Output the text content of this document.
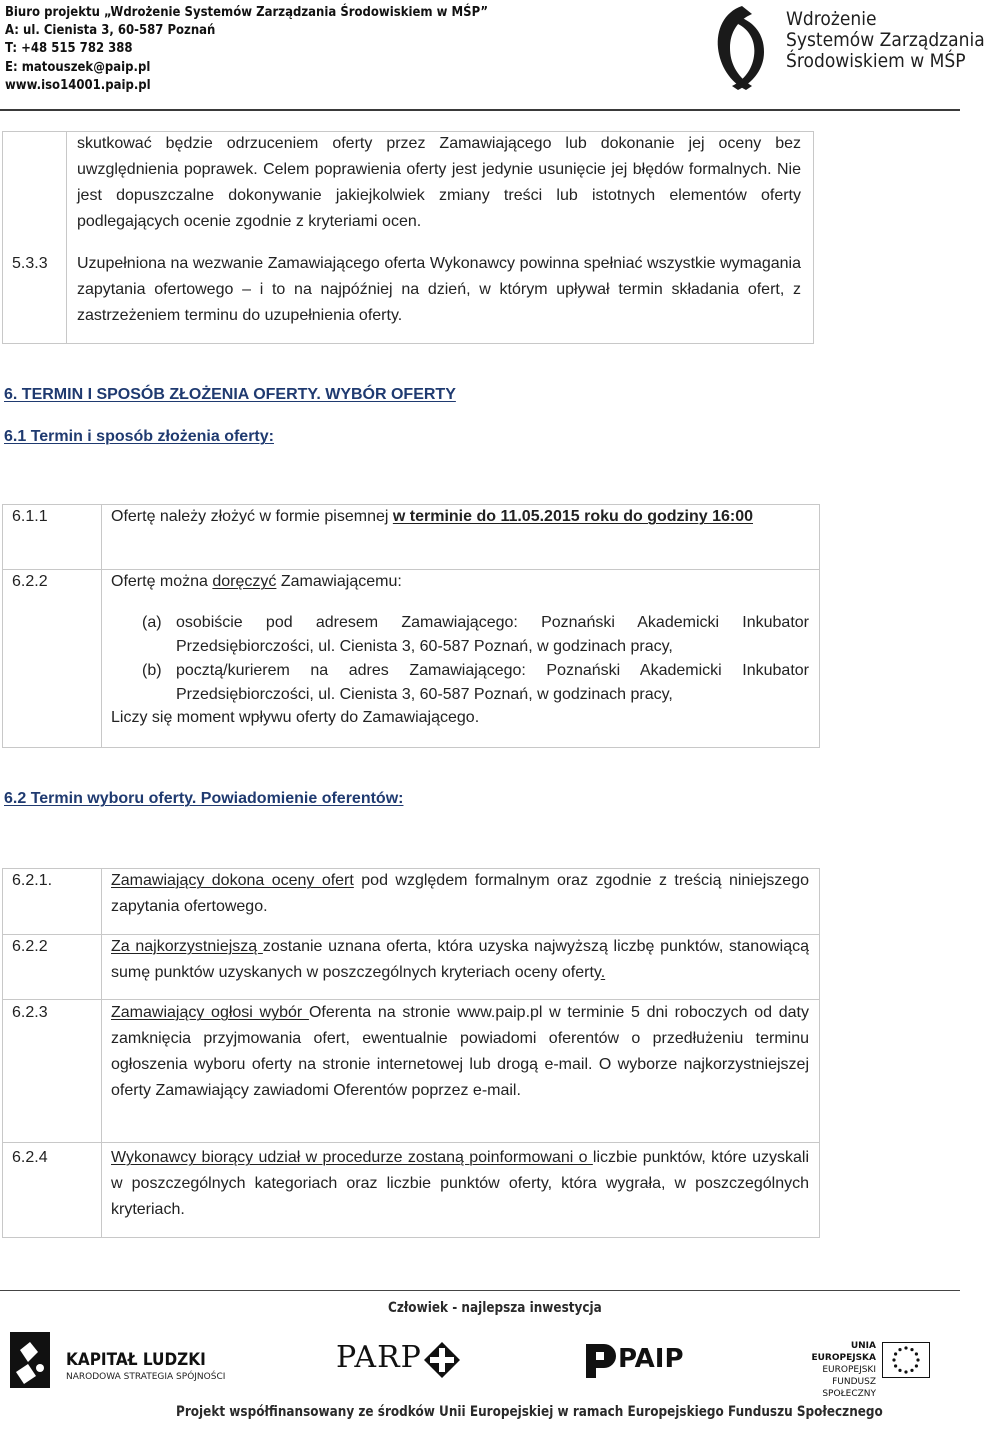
Biuro projektu „Wdrożenie Systemów Zarządzania Środowiskiem w MŚP”
A: ul. Cienista 3, 60-587 Poznań
T: +48 515 782 388
E: matouszek@paip.pl
www.iso14001.paip.pl
Wdrożenie
Systemów Zarządzania
Środowiskiem w MŚP
skutkować będzie odrzuceniem oferty przez Zamawiającego lub dokonanie jej oceny bez uwzględnienia poprawek. Celem poprawienia oferty jest jedynie usunięcie jej błędów formalnych. Nie jest dopuszczalne dokonywanie jakiejkolwiek zmiany treści lub istotnych elementów oferty podlegających ocenie zgodnie z kryteriami ocen.
5.3.3 Uzupełniona na wezwanie Zamawiającego oferta Wykonawcy powinna spełniać wszystkie wymagania zapytania ofertowego – i to na najpóźniej na dzień, w którym upływał termin składania ofert, z zastrzeżeniem terminu do uzupełnienia oferty.
6. TERMIN I SPOSÓB ZŁOŻENIA OFERTY. WYBÓR OFERTY
6.1 Termin i sposób złożenia oferty:
6.1.1	Ofertę należy złożyć w formie pisemnej w terminie do 11.05.2015 roku do godziny 16:00
6.2.2	Ofertę można doręczyć Zamawiającemu:
(a) osobiście pod adresem Zamawiającego: Poznański Akademicki Inkubator Przedsiębiorczości, ul. Cienista 3, 60-587 Poznań, w godzinach pracy,
(b) pocztą/kurierem na adres Zamawiającego: Poznański Akademicki Inkubator Przedsiębiorczości, ul. Cienista 3, 60-587 Poznań, w godzinach pracy,
Liczy się moment wpływu oferty do Zamawiającego.
6.2 Termin wyboru oferty. Powiadomienie oferentów:
6.2.1.	Zamawiający dokona oceny ofert pod względem formalnym oraz zgodnie z treścią niniejszego zapytania ofertowego.
6.2.2	Za najkorzystniejszą zostanie uznana oferta, która uzyska najwyższą liczbę punktów, stanowiącą sumę punktów uzyskanych w poszczególnych kryteriach oceny oferty.
6.2.3	Zamawiający ogłosi wybór Oferenta na stronie www.paip.pl w terminie 5 dni roboczych od daty zamknięcia przyjmowania ofert, ewentualnie powiadomi oferentów o przedłużeniu terminu ogłoszenia wyboru oferty na stronie internetowej lub drogą e-mail. O wyborze najkorzystniejszej oferty Zamawiający zawiadomi Oferentów poprzez e-mail.
6.2.4	Wykonawcy biorący udział w procedurze zostaną poinformowani o liczbie punktów, które uzyskali w poszczególnych kategoriach oraz liczbie punktów oferty, która wygrała, w poszczególnych kryteriach.
Człowiek - najlepsza inwestycja
KAPITAŁ LUDZKI
NARODOWA STRATEGIA SPÓJNOŚCI
PARP	PAIP	UNIA EUROPEJSKA
EUROPEJSKI
FUNDUSZ SPOŁECZNY
Projekt współfinansowany ze środków Unii Europejskiej w ramach Europejskiego Funduszu Społecznego
